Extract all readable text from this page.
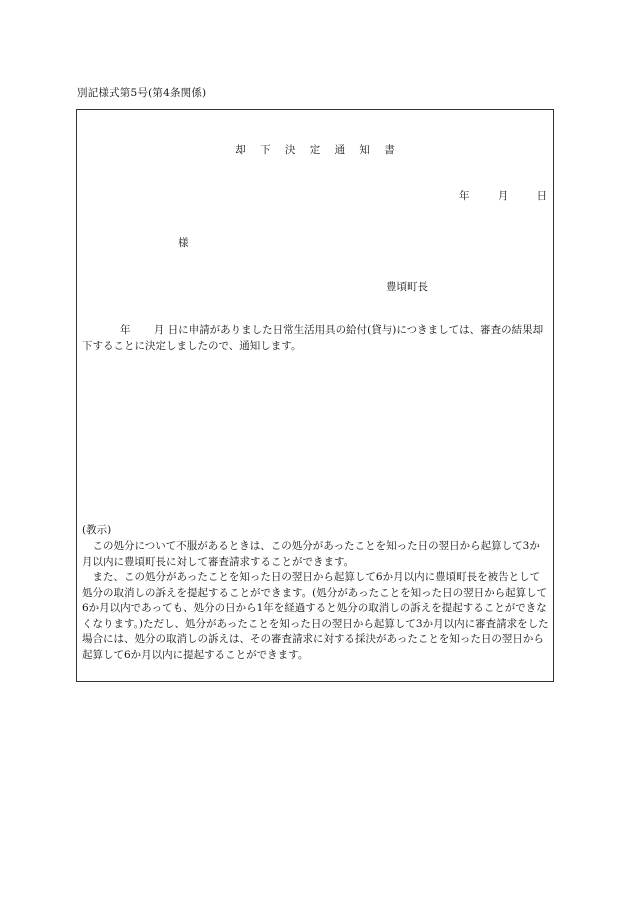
別記様式第5号(第4条関係)
却 下 決 定 通 知 書
年 月 日
様
豊頃町長

年 月 日に申請がありました日常生活用具の給付(貸与)につきましては、審査の結果却下することに決定しましたので、通知します。

(教示)

この処分について不服があるときは、この処分があったことを知った日の翌日から起算して3か月以内に豊頃町長に対して審査請求することができます。

また、この処分があったことを知った日の翌日から起算して6か月以内に豊頃町長を被告として処分の取消しの訴えを提起することができます。(処分があったことを知った日の翌日から起算して6か月以内であっても、処分の日から1年を経過すると処分の取消しの訴えを提起することができなくなります。)ただし、処分があったことを知った日の翌日から起算して3か月以内に審査請求をした場合には、処分の取消しの訴えは、その審査請求に対する採決があったことを知った日の翌日から起算して6か月以内に提起することができます。
